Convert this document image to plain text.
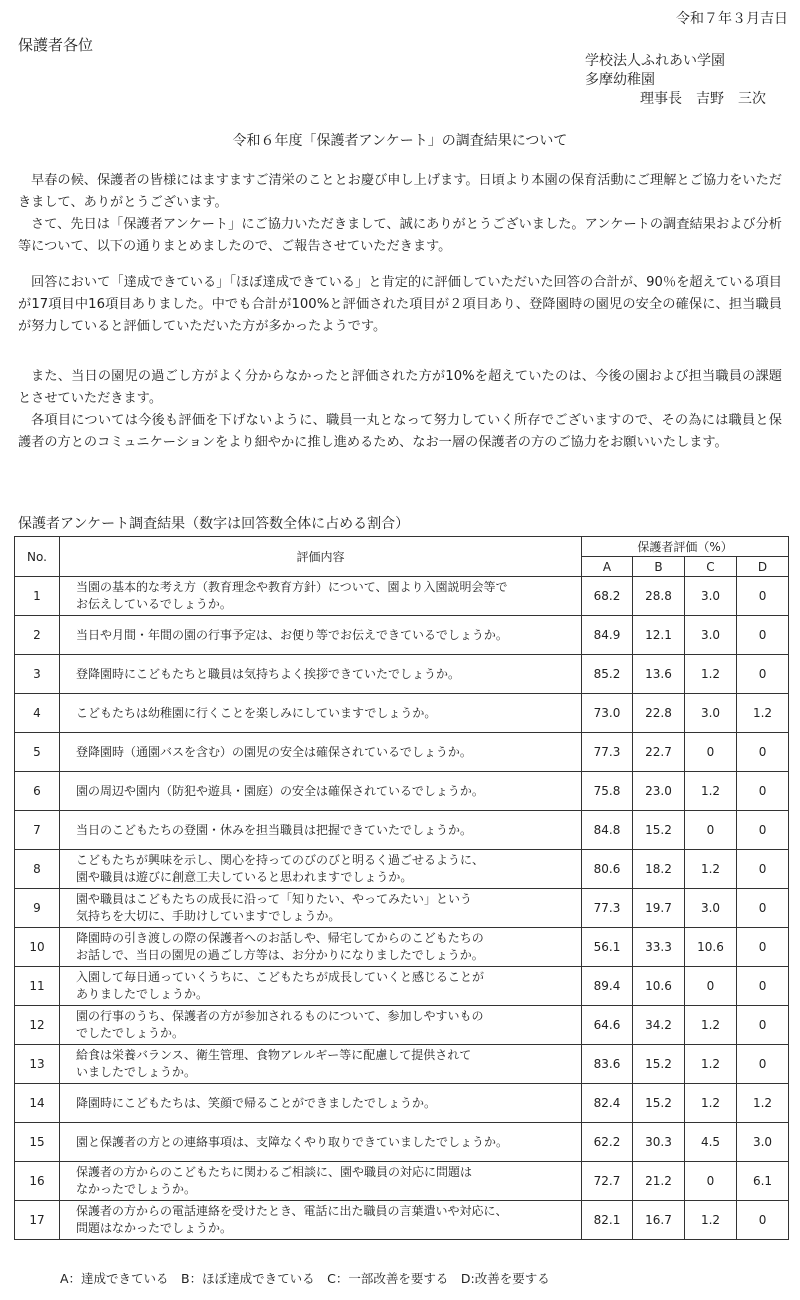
令和７年３月吉日
保護者各位
学校法人ふれあい学園
多摩幼稚園
理事長　吉野　三次
令和６年度「保護者アンケート」の調査結果について

早春の候、保護者の皆様にはますますご清栄のこととお慶び申し上げます。日頃より本園の保育活動にご理解とご協力をいただきまして、ありがとうございます。

さて、先日は「保護者アンケート」にご協力いただきまして、誠にありがとうございました。アンケートの調査結果および分析等について、以下の通りまとめましたので、ご報告させていただきます。

回答において「達成できている」「ほぼ達成できている」と肯定的に評価していただいた回答の合計が、90％を超えている項目が17項目中16項目ありました。中でも合計が100%と評価された項目が２項目あり、登降園時の園児の安全の確保に、担当職員が努力していると評価していただいた方が多かったようです。

また、当日の園児の過ごし方がよく分からなかったと評価された方が10%を超えていたのは、今後の園および担当職員の課題とさせていただきます。

各項目については今後も評価を下げないように、職員一丸となって努力していく所存でございますので、その為には職員と保護者の方とのコミュニケーションをより細やかに推し進めるため、なお一層の保護者の方のご協力をお願いいたします。

保護者アンケート調査結果（数字は回答数全体に占める割合）
No.	評価内容	保護者評価（%）			
		A	B	C	D
1	当園の基本的な考え方（教育理念や教育方針）について、園より入園説明会等で
お伝えしているでしょうか。	68.2	28.8	3.0	0
2	当日や月間・年間の園の行事予定は、お便り等でお伝えできているでしょうか。	84.9	12.1	3.0	0
3	登降園時にこどもたちと職員は気持ちよく挨拶できていたでしょうか。	85.2	13.6	1.2	0
4	こどもたちは幼稚園に行くことを楽しみにしていますでしょうか。	73.0	22.8	3.0	1.2
5	登降園時（通園バスを含む）の園児の安全は確保されているでしょうか。	77.3	22.7	0	0
6	園の周辺や園内（防犯や遊具・園庭）の安全は確保されているでしょうか。	75.8	23.0	1.2	0
7	当日のこどもたちの登園・休みを担当職員は把握できていたでしょうか。	84.8	15.2	0	0
8	こどもたちが興味を示し、関心を持ってのびのびと明るく過ごせるように、
園や職員は遊びに創意工夫していると思われますでしょうか。	80.6	18.2	1.2	0
9	園や職員はこどもたちの成長に沿って「知りたい、やってみたい」という
気持ちを大切に、手助けしていますでしょうか。	77.3	19.7	3.0	0
10	降園時の引き渡しの際の保護者へのお話しや、帰宅してからのこどもたちの
お話しで、当日の園児の過ごし方等は、お分かりになりましたでしょうか。	56.1	33.3	10.6	0
11	入園して毎日通っていくうちに、こどもたちが成長していくと感じることが
ありましたでしょうか。	89.4	10.6	0	0
12	園の行事のうち、保護者の方が参加されるものについて、参加しやすいもの
でしたでしょうか。	64.6	34.2	1.2	0
13	給食は栄養バランス、衛生管理、食物アレルギー等に配慮して提供されて
いましたでしょうか。	83.6	15.2	1.2	0
14	降園時にこどもたちは、笑顔で帰ることができましたでしょうか。	82.4	15.2	1.2	1.2
15	園と保護者の方との連絡事項は、支障なくやり取りできていましたでしょうか。	62.2	30.3	4.5	3.0
16	保護者の方からのこどもたちに関わるご相談に、園や職員の対応に問題は
なかったでしょうか。	72.7	21.2	0	6.1
17	保護者の方からの電話連絡を受けたとき、電話に出た職員の言葉遣いや対応に、
問題はなかったでしょうか。	82.1	16.7	1.2	0
A：達成できている　B：ほぼ達成できている　C：一部改善を要する　D:改善を要する
